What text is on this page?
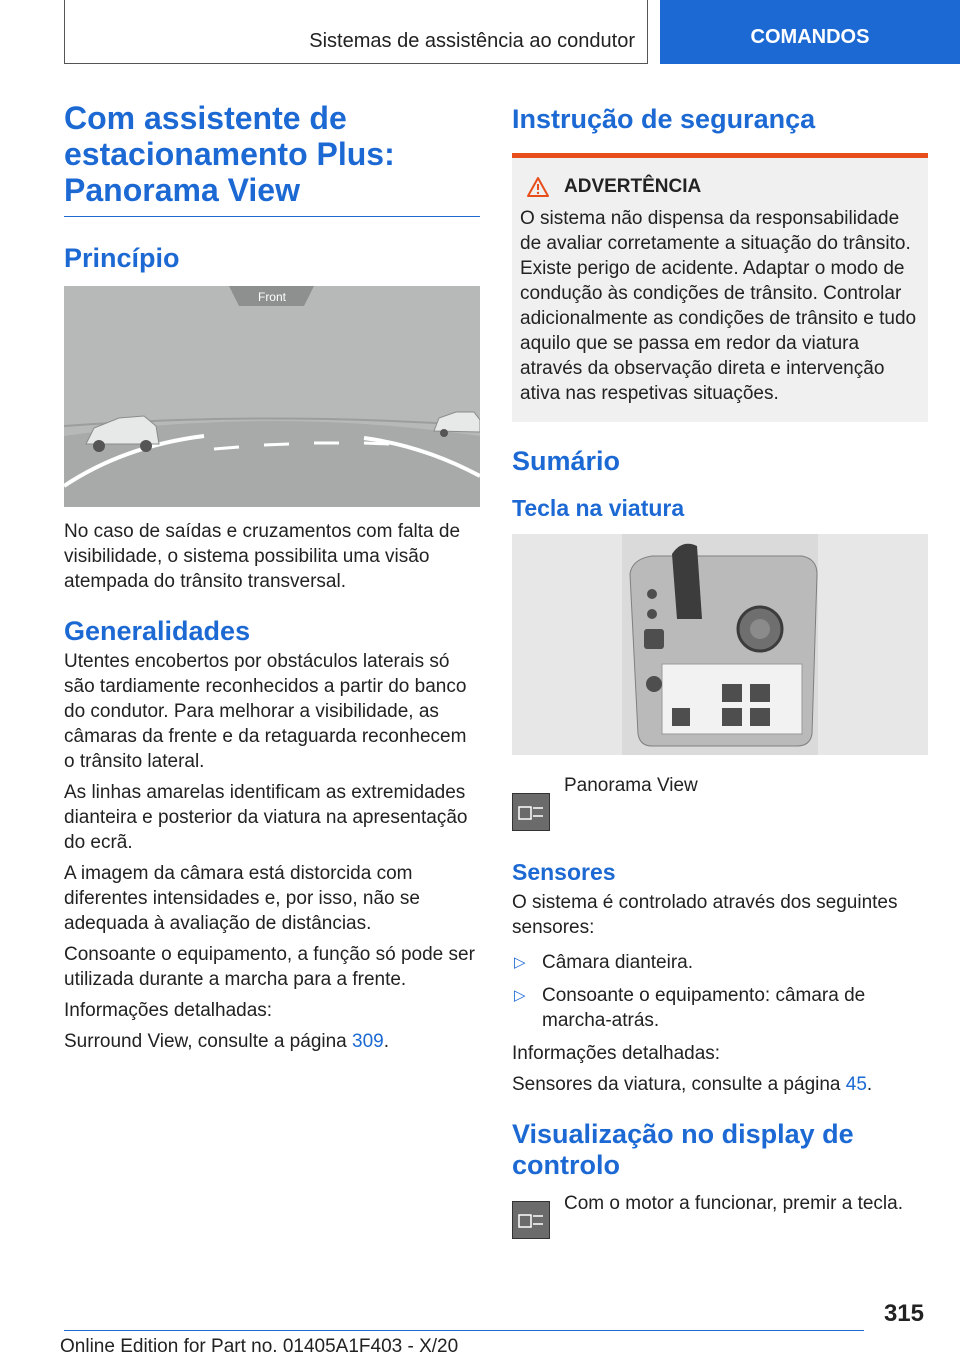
Sistemas de assistência ao condutor	COMANDOS
Com assistente de estacionamento Plus: Panorama View
Princípio
Front

No caso de saídas e cruzamentos com falta de visibilidade, o sistema possibilita uma visão atempada do trânsito transversal.

Generalidades

Utentes encobertos por obstáculos laterais só são tardiamente reconhecidos a partir do banco do condutor. Para melhorar a visibilidade, as câmaras da frente e da retaguarda reconhecem o trânsito lateral.

As linhas amarelas identificam as extremidades dianteira e posterior da viatura na apresentação do ecrã.

A imagem da câmara está distorcida com diferentes intensidades e, por isso, não se adequada à avaliação de distâncias.

Consoante o equipamento, a função só pode ser utilizada durante a marcha para a frente.

Informações detalhadas:

Surround View, consulte a página 309.

Instrução de segurança
ADVERTÊNCIA

O sistema não dispensa da responsabilidade de avaliar corretamente a situação do trânsito. Existe perigo de acidente. Adaptar o modo de condução às condições de trânsito. Controlar adicionalmente as condições de trânsito e tudo aquilo que se passa em redor da viatura através da observação direta e intervenção ativa nas respetivas situações.

Sumário
Tecla na viatura
Panorama View
Sensores

O sistema é controlado através dos seguintes sensores:

▷ Câmara dianteira.
▷ Consoante o equipamento: câmara de marcha-atrás.

Informações detalhadas:

Sensores da viatura, consulte a página 45.

Visualização no display de controlo
Com o motor a funcionar, premir a tecla.
315
Online Edition for Part no. 01405A1F403 - X/20
